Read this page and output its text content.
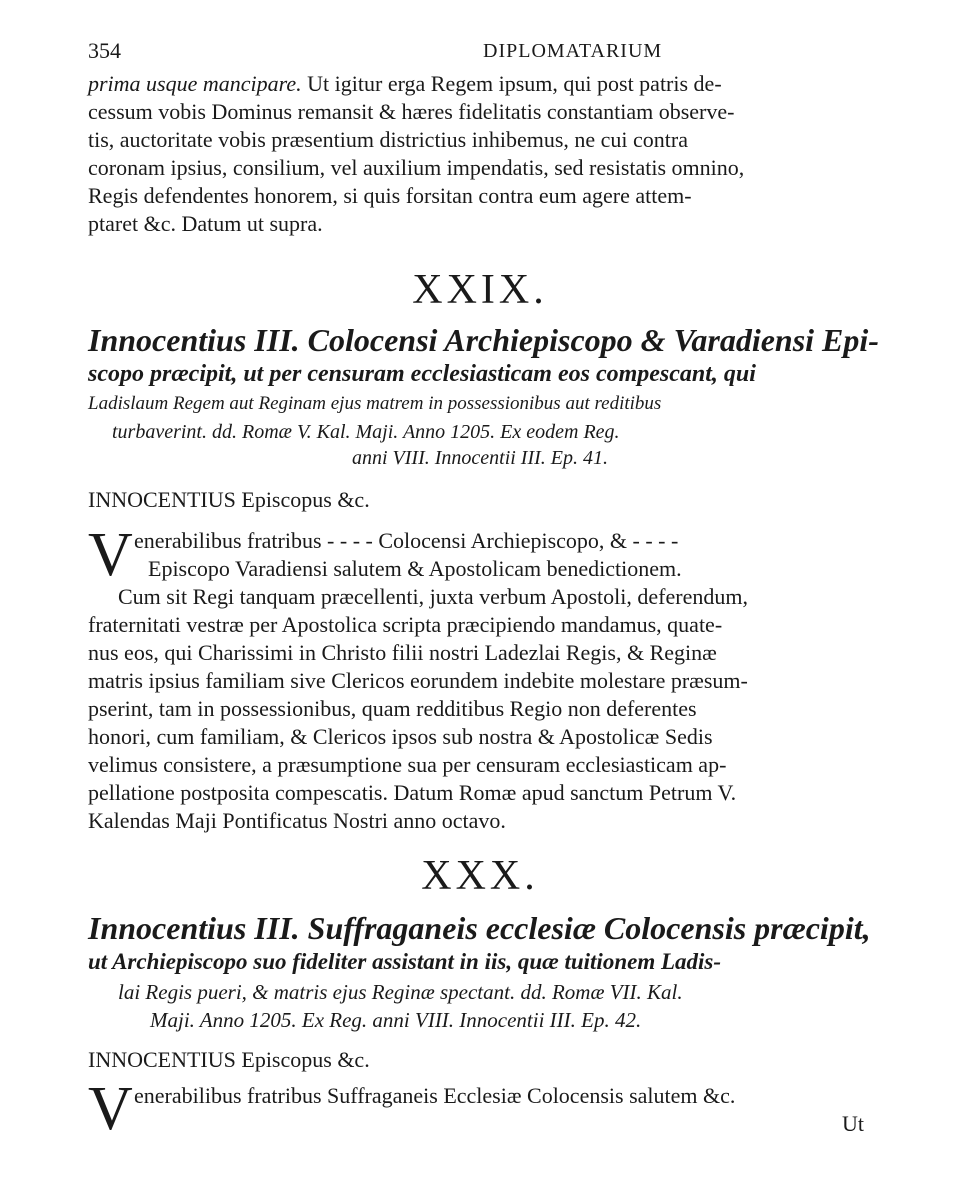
354	DIPLOMATARIUM
prima usque mancipare. Ut igitur erga Regem ipsum, qui post patris de-
cessum vobis Dominus remansit & hæres fidelitatis constantiam observe-
tis, auctoritate vobis præsentium districtius inhibemus, ne cui contra
coronam ipsius, consilium, vel auxilium impendatis, sed resistatis omnino,
Regis defendentes honorem, si quis forsitan contra eum agere attem-
ptaret &c. Datum ut supra.
XXIX.
Innocentius III. Colocensi Archiepiscopo & Varadiensi Epi-
scopo præcipit, ut per censuram ecclesiasticam eos compescant, qui
Ladislaum Regem aut Reginam ejus matrem in possessionibus aut reditibus
turbaverint. dd. Romæ V. Kal. Maji. Anno 1205. Ex eodem Reg.
anni VIII. Innocentii III. Ep. 41.
INNOCENTIUS Episcopus &c.
V enerabilibus fratribus - - - - Colocensi Archiepiscopo, & - - - -
Episcopo Varadiensi salutem & Apostolicam benedictionem.
Cum sit Regi tanquam præcellenti, juxta verbum Apostoli, deferendum,
fraternitati vestræ per Apostolica scripta præcipiendo mandamus, quate-
nus eos, qui Charissimi in Christo filii nostri Ladezlai Regis, & Reginæ
matris ipsius familiam sive Clericos eorundem indebite molestare præsum-
pserint, tam in possessionibus, quam redditibus Regio non deferentes
honori, cum familiam, & Clericos ipsos sub nostra & Apostolicæ Sedis
velimus consistere, a præsumptione sua per censuram ecclesiasticam ap-
pellatione postposita compescatis. Datum Romæ apud sanctum Petrum V.
Kalendas Maji Pontificatus Nostri anno octavo.
XXX.
Innocentius III. Suffraganeis ecclesiæ Colocensis præcipit,
ut Archiepiscopo suo fideliter assistant in iis, quæ tuitionem Ladis-
lai Regis pueri, & matris ejus Reginæ spectant. dd. Romæ VII. Kal.
Maji. Anno 1205. Ex Reg. anni VIII. Innocentii III. Ep. 42.
INNOCENTIUS Episcopus &c.
V enerabilibus fratribus Suffraganeis Ecclesiæ Colocensis salutem &c.
Ut
